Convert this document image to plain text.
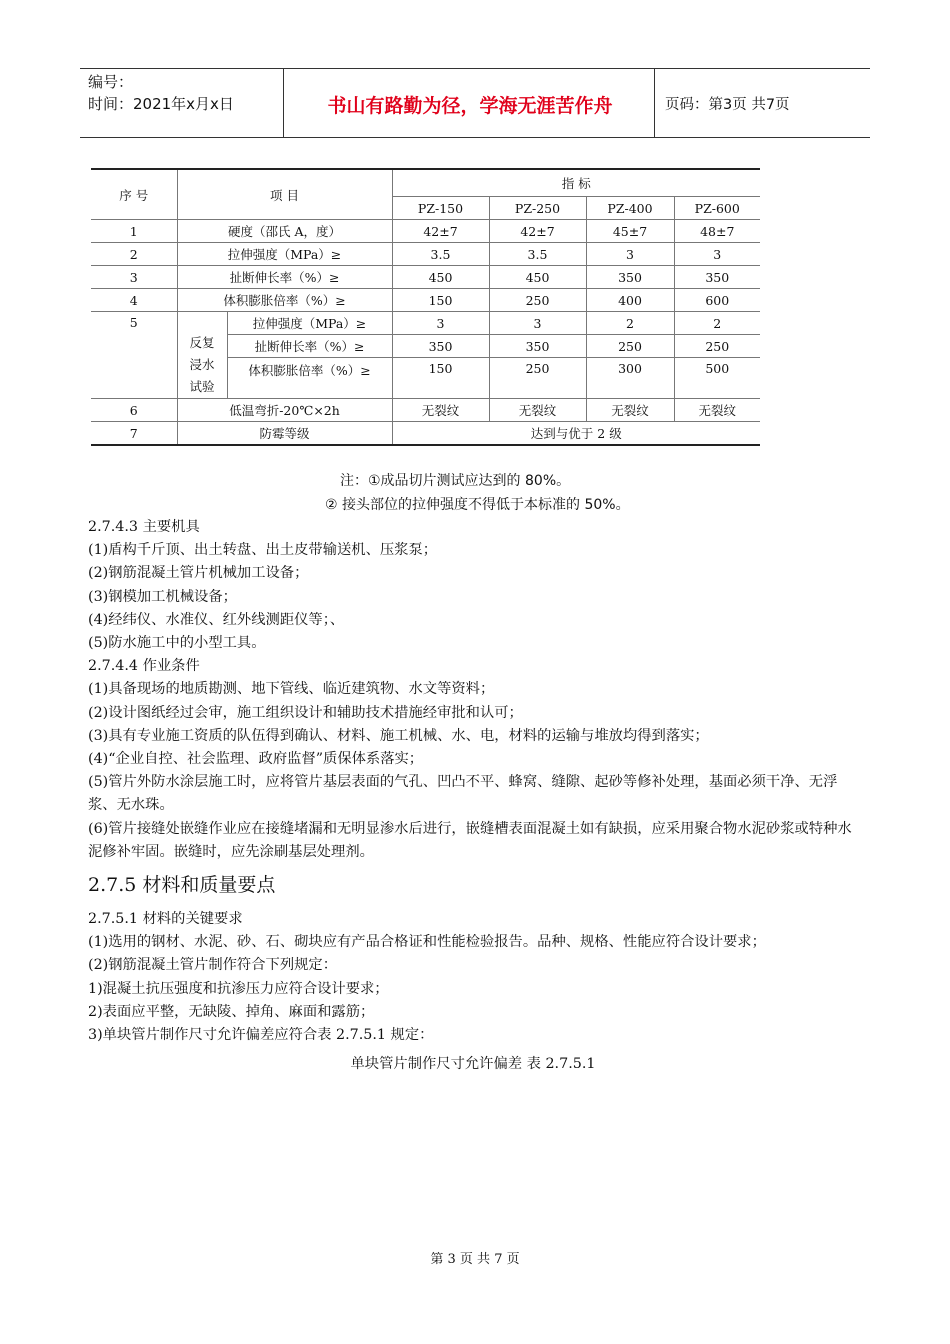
编号：
时间：2021年x月x日	书山有路勤为径，学海无涯苦作舟	页码：第3页 共7页
序 号	项 目		指 标			
			PZ-150	PZ-250	PZ-400	PZ-600
1	硬度（邵氏 A，度）		42±7	42±7	45±7	48±7
2	拉伸强度（MPa）≥		3.5	3.5	3	3
3	扯断伸长率（%）≥		450	450	350	350
4	体积膨胀倍率（%）≥		150	250	400	600
5	反复
浸水
试验	拉伸强度（MPa）≥	3	3	2	2
		扯断伸长率（%）≥	350	350	250	250
		体积膨胀倍率（%）≥	150	250	300	500

6	低温弯折-20℃×2h		无裂纹	无裂纹	无裂纹	无裂纹
7	防霉等级		达到与优于 2 级			
注：①成品切片测试应达到的 80%。
② 接头部位的拉伸强度不得低于本标准的 50%。

2.7.4.3 主要机具

(1)盾构千斤顶、出土转盘、出土皮带输送机、压浆泵；

(2)钢筋混凝土管片机械加工设备；

(3)钢模加工机械设备；

(4)经纬仪、水准仪、红外线测距仪等；、

(5)防水施工中的小型工具。

2.7.4.4 作业条件

(1)具备现场的地质勘测、地下管线、临近建筑物、水文等资料；

(2)设计图纸经过会审，施工组织设计和辅助技术措施经审批和认可；

(3)具有专业施工资质的队伍得到确认、材料、施工机械、水、电，材料的运输与堆放均得到落实；

(4)“企业自控、社会监理、政府监督”质保体系落实；

(5)管片外防水涂层施工时，应将管片基层表面的气孔、凹凸不平、蜂窝、缝隙、起砂等修补处理，基面必须干净、无浮浆、无水珠。

(6)管片接缝处嵌缝作业应在接缝堵漏和无明显渗水后进行，嵌缝槽表面混凝土如有缺损，应采用聚合物水泥砂浆或特种水泥修补牢固。嵌缝时，应先涂刷基层处理剂。

2.7.5 材料和质量要点

2.7.5.1 材料的关键要求

(1)选用的钢材、水泥、砂、石、砌块应有产品合格证和性能检验报告。品种、规格、性能应符合设计要求；

(2)钢筋混凝土管片制作符合下列规定：

1)混凝土抗压强度和抗渗压力应符合设计要求；

2)表面应平整，无缺陵、掉角、麻面和露筋；

3)单块管片制作尺寸允许偏差应符合表 2.7.5.1 规定：

单块管片制作尺寸允许偏差 表 2.7.5.1

第 3 页 共 7 页
